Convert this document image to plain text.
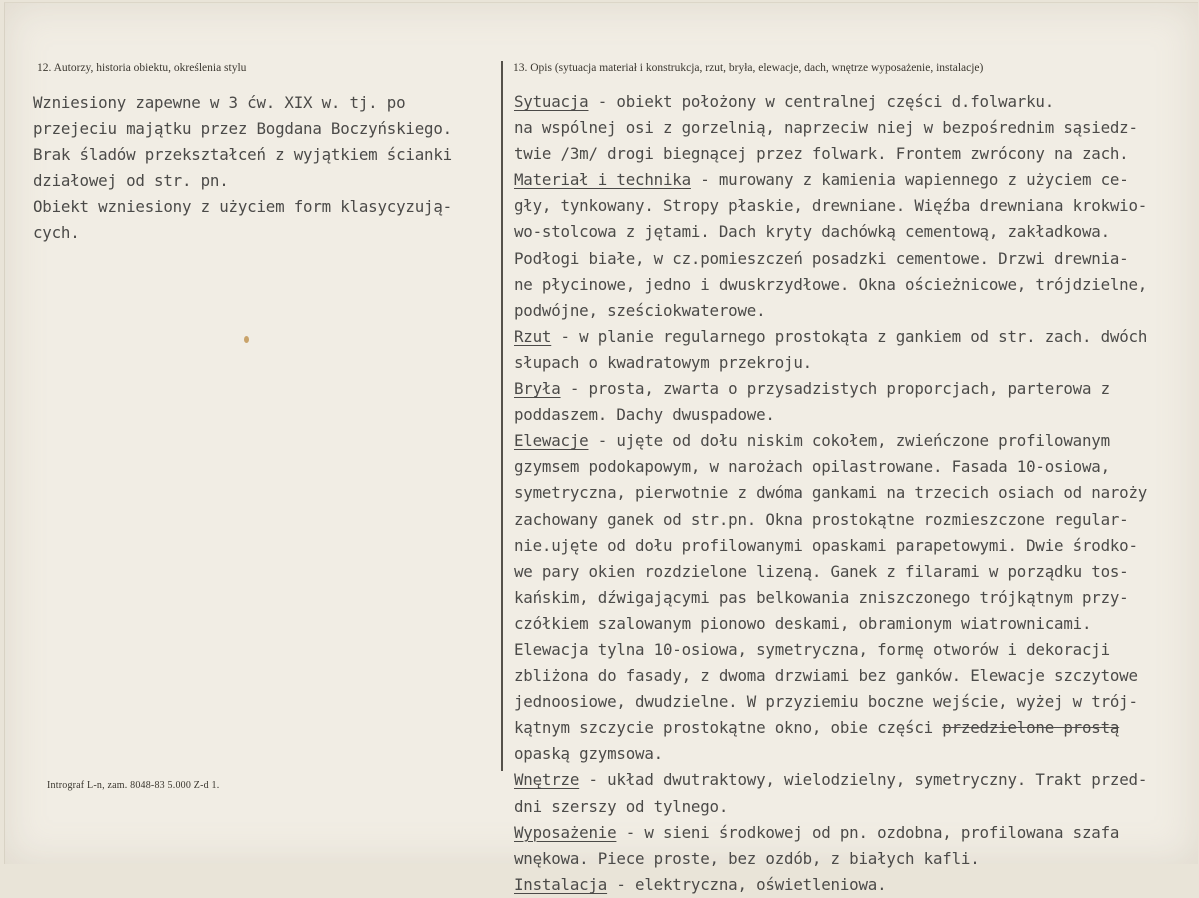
12. Autorzy, historia obiektu, określenia stylu	13. Opis (sytuacja materiał i konstrukcja, rzut, bryła, elewacje, dach, wnętrze wyposażenie, instalacje)
Wzniesiony zapewne w 3 ćw. XIX w. tj. po
przejeciu majątku przez Bogdana Boczyńskiego.
Brak śladów przekształceń z wyjątkiem ścianki
działowej od str. pn.
Obiekt wzniesiony z użyciem form klasycyzują-
cych.
Sytuacja - obiekt położony w centralnej części d.folwarku.
na wspólnej osi z gorzelnią, naprzeciw niej w bezpośrednim sąsiedz-
twie /3m/ drogi biegnącej przez folwark. Frontem zwrócony na zach.
Materiał i technika - murowany z kamienia wapiennego z użyciem ce-
gły, tynkowany. Stropy płaskie, drewniane. Więźba drewniana krokwio-
wo-stolcowa z jętami. Dach kryty dachówką cementową, zakładkowa.
Podłogi białe, w cz.pomieszczeń posadzki cementowe. Drzwi drewnia-
ne płycinowe, jedno i dwuskrzydłowe. Okna ościeżnicowe, trójdzielne,
podwójne, sześciokwaterowe.
Rzut - w planie regularnego prostokąta z gankiem od str. zach. dwóch
słupach o kwadratowym przekroju.
Bryła - prosta, zwarta o przysadzistych proporcjach, parterowa z
poddaszem. Dachy dwuspadowe.
Elewacje - ujęte od dołu niskim cokołem, zwieńczone profilowanym
gzymsem podokapowym, w narożach opilastrowane. Fasada 10-osiowa,
symetryczna, pierwotnie z dwóma gankami na trzecich osiach od naroży
zachowany ganek od str.pn. Okna prostokątne rozmieszczone regular-
nie.ujęte od dołu profilowanymi opaskami parapetowymi. Dwie środko-
we pary okien rozdzielone lizeną. Ganek z filarami w porządku tos-
kańskim, dźwigającymi pas belkowania zniszczonego trójkątnym przy-
czółkiem szalowanym pionowo deskami, obramionym wiatrownicami.
Elewacja tylna 10-osiowa, symetryczna, formę otworów i dekoracji
zbliżona do fasady, z dwoma drzwiami bez ganków. Elewacje szczytowe
jednoosiowe, dwudzielne. W przyziemiu boczne wejście, wyżej w trój-
kątnym szczycie prostokątne okno, obie części przedzielone prostą
opaską gzymsowa.
Wnętrze - układ dwutraktowy, wielodzielny, symetryczny. Trakt przed-
dni szerszy od tylnego.
Wyposażenie - w sieni środkowej od pn. ozdobna, profilowana szafa
wnękowa. Piece proste, bez ozdób, z białych kafli.
Instalacja - elektryczna, oświetleniowa.
Intrograf L-n, zam. 8048-83 5.000 Z-d 1.
